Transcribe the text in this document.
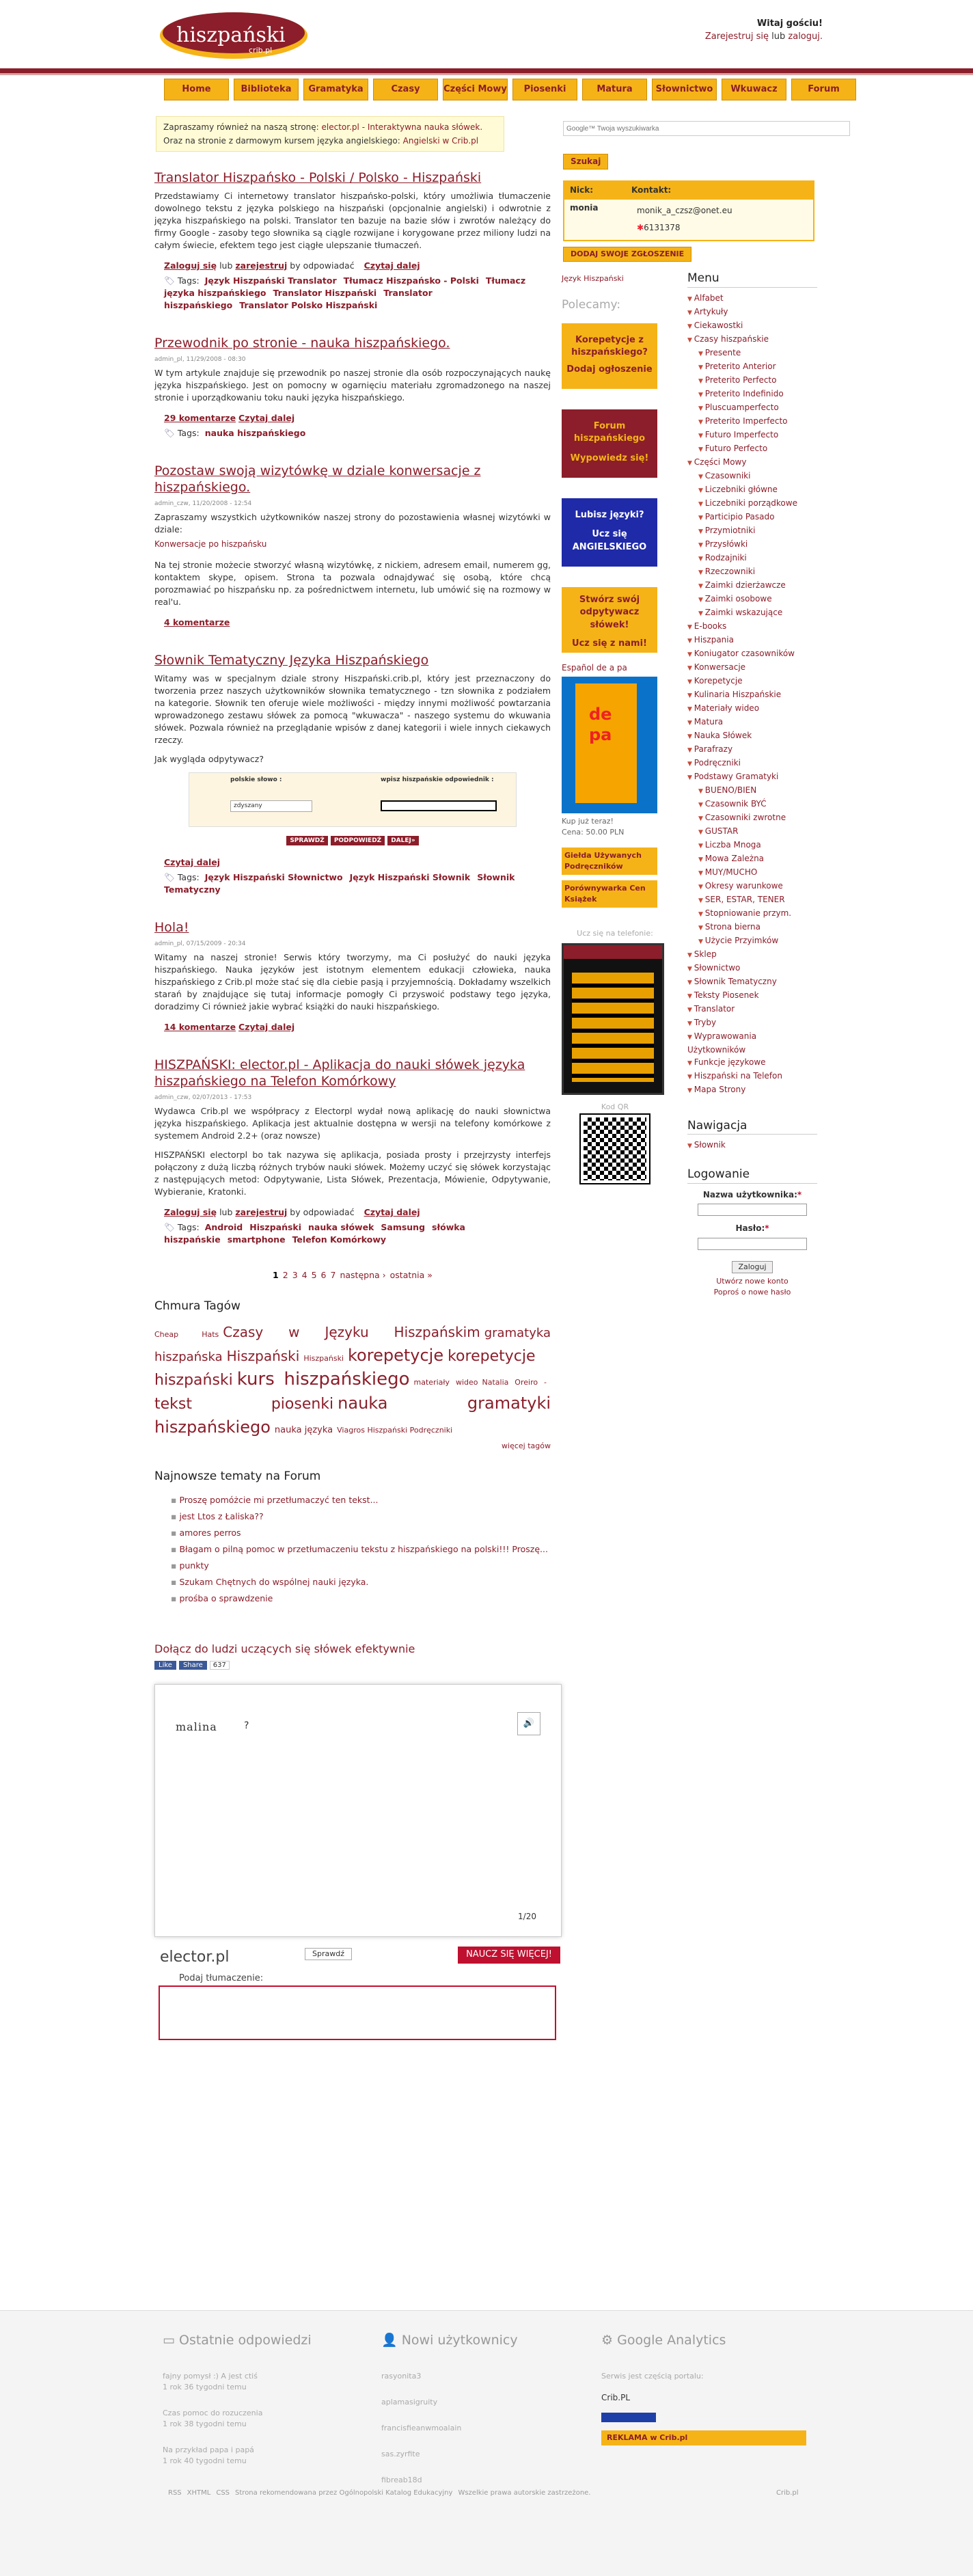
hiszpański
crib.pl
Witaj gościu!
Zarejestruj się lub zaloguj.
Home	Biblioteka	Gramatyka	Czasy	Części Mowy	Piosenki	Matura	Słownictwo	Wkuwacz	Forum
Zapraszamy również na naszą stronę: elector.pl - Interaktywna nauka słówek.
Oraz na stronie z darmowym kursem języka angielskiego: Angielski w Crib.pl
Translator Hiszpańsko - Polski / Polsko - Hiszpański

Przedstawiamy Ci internetowy translator hiszpańsko-polski, który umożliwia tłumaczenie dowolnego tekstu z języka polskiego na hiszpański (opcjonalnie angielski) i odwrotnie z języka hiszpańskiego na polski. Translator ten bazuje na bazie słów i zwrotów należący do firmy Google - zasoby tego słownika są ciągle rozwijane i korygowane przez miliony ludzi na całym świecie, efektem tego jest ciągłe ulepszanie tłumaczeń.

Zaloguj się lub zarejestruj by odpowiadać Czytaj dalej
🏷 Tags: Język Hiszpański Translator Tłumacz Hiszpańsko - Polski Tłumacz języka hiszpańskiego Translator Hiszpański Translator hiszpańskiego Translator Polsko Hiszpański
Przewodnik po stronie - nauka hiszpańskiego.
admin_pl, 11/29/2008 - 08:30

W tym artykule znajduje się przewodnik po naszej stronie dla osób rozpoczynających naukę języka hiszpańskiego. Jest on pomocny w ogarnięciu materiału zgromadzonego na naszej stronie i uporządkowaniu toku nauki języka hiszpańskiego.

29 komentarze Czytaj dalej
🏷 Tags: nauka hiszpańskiego
Pozostaw swoją wizytówkę w dziale konwersacje z hiszpańskiego.
admin_czw, 11/20/2008 - 12:54

Zapraszamy wszystkich użytkowników naszej strony do pozostawienia własnej wizytówki w dziale:

Konwersacje po hiszpańsku

Na tej stronie możecie stworzyć własną wizytówkę, z nickiem, adresem email, numerem gg, kontaktem skype, opisem. Strona ta pozwala odnajdywać się osobą, które chcą porozmawiać po hiszpańsku np. za pośrednictwem internetu, lub umówić się na rozmowy w real'u.

4 komentarze
Słownik Tematyczny Języka Hiszpańskiego

Witamy was w specjalnym dziale strony Hiszpański.crib.pl, który jest przeznaczony do tworzenia przez naszych użytkowników słownika tematycznego - tzn słownika z podziałem na kategorie. Słownik ten oferuje wiele możliwości - między innymi możliwość powtarzania wprowadzonego zestawu słówek za pomocą "wkuwacza" - naszego systemu do wkuwania słówek. Pozwala również na przeglądanie wpisów z danej kategorii i wiele innych ciekawych rzeczy.

Jak wygląda odpytywacz?

polskie słowo :	wpisz hiszpańskie odpowiednik :
zdyszany
SPRAWDŹ PODPOWIEDŹ DALEJ»
Czytaj dalej
🏷 Tags: Język Hiszpański Słownictwo Język Hiszpański Słownik Słownik Tematyczny
Hola!
admin_pl, 07/15/2009 - 20:34

Witamy na naszej stronie! Serwis który tworzymy, ma Ci posłużyć do nauki języka hiszpańskiego. Nauka języków jest istotnym elementem edukacji człowieka, nauka hiszpańskiego z Crib.pl może stać się dla ciebie pasją i przyjemnością. Dokładamy wszelkich starań by znajdujące się tutaj informacje pomogły Ci przyswoić podstawy tego języka, doradzimy Ci również jakie wybrać książki do nauki hiszpańskiego.

14 komentarze Czytaj dalej
HISZPAŃSKI: elector.pl - Aplikacja do nauki słówek języka hiszpańskiego na Telefon Komórkowy
admin_czw, 02/07/2013 - 17:53

Wydawca Crib.pl we współpracy z Electorpl wydał nową aplikację do nauki słownictwa języka hiszpańskiego. Aplikacja jest aktualnie dostępna w wersji na telefony komórkowe z systemem Android 2.2+ (oraz nowsze)

HISZPAŃSKI electorpl bo tak nazywa się aplikacja, posiada prosty i przejrzysty interfejs połączony z dużą liczbą różnych trybów nauki słówek. Możemy uczyć się słówek korzystając z następujących metod: Odpytywanie, Lista Słówek, Prezentacja, Mówienie, Odpytywanie, Wybieranie, Kratonki.

Zaloguj się lub zarejestruj by odpowiadać Czytaj dalej
🏷 Tags: Android Hiszpański nauka słówek Samsung słówka hiszpańskie smartphone Telefon Komórkowy
1 2 3 4 5 6 7 następna › ostatnia »
Chmura Tagów
Cheap Hats Czasy w Języku Hiszpańskim gramatyka hiszpańska Hiszpański Hiszpański korepetycje korepetycje hiszpański kurs hiszpańskiego materiały wideo Natalia Oreiro -tekst piosenki nauka gramatyki hiszpańskiego nauka języka Viagros Hiszpański Podręczniki
więcej tagów
Najnowsze tematy na Forum
▪ Proszę pomóżcie mi przetłumaczyć ten tekst...
▪ jest Ltos z Łaliska??
▪ amores perros
▪ Błagam o pilną pomoc w przetłumaczeniu tekstu z hiszpańskiego na polski!!! Proszę...
▪ punkty
▪ Szukam Chętnych do wspólnej nauki języka.
▪ prośba o sprawdzenie
Dołącz do ludzi uczących się słówek efektywnie
Like Share 637
malina	?	🔊
1/20
elector.pl	Sprawdź	NAUCZ SIĘ WIĘCEJ!
Podaj tłumaczenie:
Google™ Twoja wyszukiwarka
Szukaj
Nick:	Kontakt:
monia	monik_a_czsz@onet.eu
✱6131378
DODAJ SWOJE ZGŁOSZENIE
Język Hiszpański
Polecamy:
Korepetycje z hiszpańskiego?
Dodaj ogłoszenie
Forum hiszpańskiego
Wypowiedz się!
Lubisz języki?
Ucz się ANGIELSKIEGO
Stwórz swój odpytywacz słówek!
Ucz się z nami!
Español de a pa
de
pa
Kup już teraz!
Cena: 50.00 PLN
Giełda Używanych Podręczników
Porównywarka Cen Książek
Ucz się na telefonie:
Kod QR
Menu
▼ Alfabet
▼ Artykuły
▼ Ciekawostki
▼ Czasy hiszpańskie
▼ Presente
▼ Preterito Anterior
▼ Preterito Perfecto
▼ Preterito Indefinido
▼ Pluscuamperfecto
▼ Preterito Imperfecto
▼ Futuro Imperfecto
▼ Futuro Perfecto
▼ Części Mowy
▼ Czasowniki
▼ Liczebniki główne
▼ Liczebniki porządkowe
▼ Participio Pasado
▼ Przymiotniki
▼ Przysłówki
▼ Rodzajniki
▼ Rzeczowniki
▼ Zaimki dzierżawcze
▼ Zaimki osobowe
▼ Zaimki wskazujące
▼ E-books
▼ Hiszpania
▼ Koniugator czasowników
▼ Konwersacje
▼ Korepetycje
▼ Kulinaria Hiszpańskie
▼ Materiały wideo
▼ Matura
▼ Nauka Słówek
▼ Parafrazy
▼ Podręczniki
▼ Podstawy Gramatyki
▼ BUENO/BIEN
▼ Czasownik BYĆ
▼ Czasowniki zwrotne
▼ GUSTAR
▼ Liczba Mnoga
▼ Mowa Zależna
▼ MUY/MUCHO
▼ Okresy warunkowe
▼ SER, ESTAR, TENER
▼ Stopniowanie przym.
▼ Strona bierna
▼ Użycie Przyimków
▼ Sklep
▼ Słownictwo
▼ Słownik Tematyczny
▼ Teksty Piosenek
▼ Translator
▼ Tryby
▼ Wyprawowania Użytkowników
▼ Funkcje językowe
▼ Hiszpański na Telefon
▼ Mapa Strony
Nawigacja
▼ Słownik
Logowanie
Nazwa użytkownika:*
Hasło:*
Zaloguj
Utwórz nowe konto
Poproś o nowe hasło
▭ Ostatnie odpowiedzi
fajny pomysł :) A jest ctiś
1 rok 36 tygodni temu
Czas pomoc do rozuczenia
1 rok 38 tygodni temu
Na przykład papa i papá
1 rok 40 tygodni temu
👤 Nowi użytkownicy
rasyonita3
aplamasigruity
francisfieanwmoalain
sas.zyrfite
fibreab18d
⚙ Google Analytics
Serwis jest częścią portalu:
Crib.PL
REKLAMA w Crib.pl
RSS XHTML CSS Strona rekomendowana przez Ogólnopolski Katalog Edukacyjny Wszelkie prawa autorskie zastrzeżone.	Crib.pl
